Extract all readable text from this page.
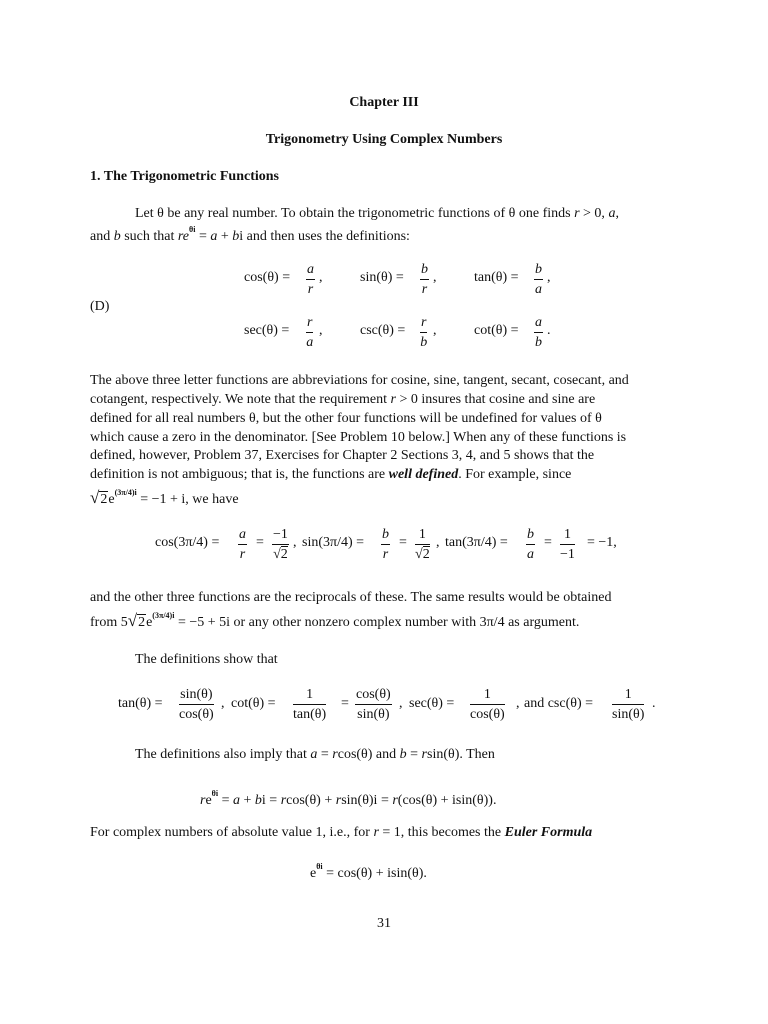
Chapter III
Trigonometry Using Complex Numbers
1. The Trigonometric Functions
Let θ be any real number. To obtain the trigonometric functions of θ one finds r > 0, a,
and b such that $re^{\theta i} = a$ + bi and then uses the definitions:
(D)
$\cos(\theta) = \frac{a}{r}$ ,	$\sin(\theta) = \frac{b}{r}$ ,	$\tan(\theta) = \frac{b}{a}$ ,
$\sec(\theta) = \frac{r}{a}$ ,	$\csc(\theta) = \frac{r}{b}$ ,	$\cot(\theta) = \frac{a}{b}$ .
The above three letter functions are abbreviations for cosine, sine, tangent, secant, cosecant, and
cotangent, respectively. We note that the requirement r > 0 insures that cosine and sine are
defined for all real numbers θ, but the other four functions will be undefined for values of θ
which cause a zero in the denominator. [See Problem 10 below.] When any of these functions is
defined, however, Problem 37, Exercises for Chapter 2 Sections 3, 4, and 5 shows that the
definition is not ambiguous; that is, the functions are well defined. For example, since
$√2e^{(3\pi/4)i} = -1 + i$, we have
$\cos(3\pi/4) = \frac{a}{r} = \frac{-1}{√2}$ , $\sin(3\pi/4) = \frac{b}{r} = \frac{1}{√2}$ , $\tan(3\pi/4) = \frac{b}{a} = \frac{1}{-1} = -1$,
and the other three functions are the reciprocals of these. The same results would be obtained
from $5√2e^{(3\pi/4)i} = -5 + 5i$ or any other nonzero complex number with 3π/4 as argument.
The definitions show that
$\tan(\theta) = \frac{\sin(\theta)}{\cos(\theta)}$ , $\cot(\theta) = \frac{1}{\tan(\theta)} = \frac{\cos(\theta)}{\sin(\theta)}$ , $\sec(\theta) = \frac{1}{\cos(\theta)}$ , and $\csc(\theta) = \frac{1}{\sin(\theta)}$ .
The definitions also imply that a = rcos(θ) and b = rsin(θ). Then
$re^{\theta i} = a$ + bi = rcos(θ) + rsin(θ)i = r(cos(θ) + isin(θ)).
For complex numbers of absolute value 1, i.e., for r = 1, this becomes the Euler Formula
$e^{\theta i} = \cos(\theta) + isin(\theta)$.
31
